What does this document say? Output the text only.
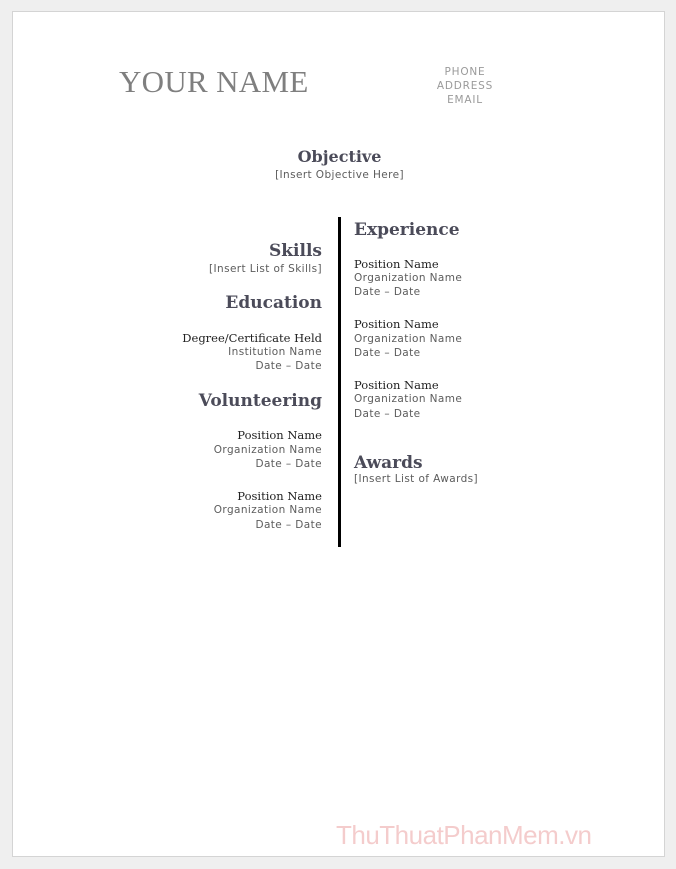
YOUR NAME	PHONE
ADDRESS
EMAIL
Objective
[Insert Objective Here]
Skills
[Insert List of Skills]
Education
Degree/Certificate Held
Institution Name
Date – Date
Volunteering
Position Name
Organization Name
Date – Date
Position Name
Organization Name
Date – Date
Experience
Position Name
Organization Name
Date – Date
Position Name
Organization Name
Date – Date
Position Name
Organization Name
Date – Date
Awards
[Insert List of Awards]
ThuThuatPhanMem.vn
